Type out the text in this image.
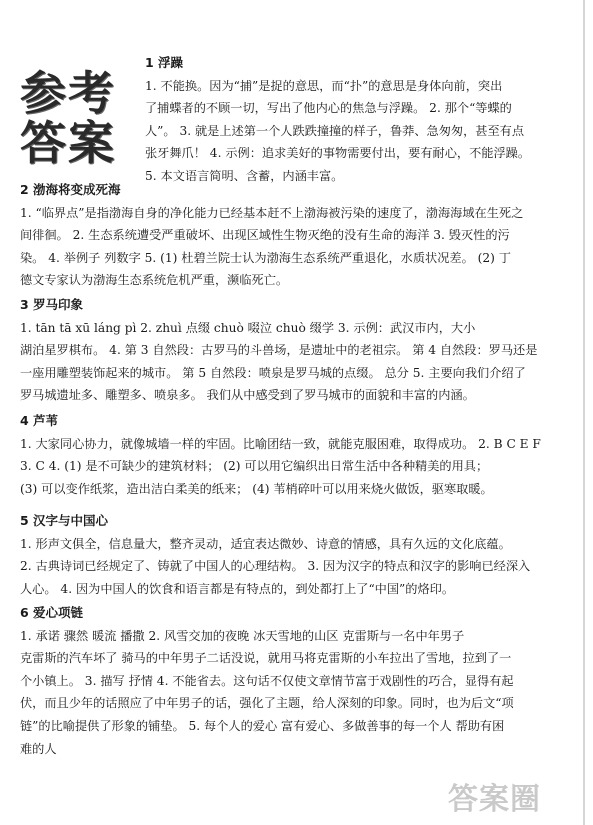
参考
答案
1 浮躁
1. 不能换。因为“捕”是捉的意思，而“扑”的意思是身体向前，突出
了捕蝶者的不顾一切，写出了他内心的焦急与浮躁。 2. 那个“等蝶的
人”。 3. 就是上述第一个人跌跌撞撞的样子，鲁莽、急匆匆，甚至有点
张牙舞爪！ 4. 示例：追求美好的事物需要付出，要有耐心，不能浮躁。
5. 本文语言简明、含蓄，内涵丰富。
2 渤海将变成死海
1. “临界点”是指渤海自身的净化能力已经基本赶不上渤海被污染的速度了，渤海海域在生死之
间徘徊。 2. 生态系统遭受严重破坏、出现区域性生物灭绝的没有生命的海洋 3. 毁灭性的污
染。 4. 举例子 列数字 5. (1) 杜碧兰院士认为渤海生态系统严重退化，水质状况差。 (2) 丁
德文专家认为渤海生态系统危机严重，濒临死亡。
3 罗马印象
1. tān tā xū láng pì 2. zhuì 点缀 chuò 啜泣 chuò 缀学 3. 示例：武汉市内，大小
湖泊星罗棋布。 4. 第 3 自然段：古罗马的斗兽场，是遗址中的老祖宗。 第 4 自然段：罗马还是
一座用雕塑装饰起来的城市。 第 5 自然段：喷泉是罗马城的点缀。 总分 5. 主要向我们介绍了
罗马城遗址多、雕塑多、喷泉多。 我们从中感受到了罗马城市的面貌和丰富的内涵。
4 芦苇
1. 大家同心协力，就像城墙一样的牢固。比喻团结一致，就能克服困难，取得成功。 2. B C E F
3. C 4. (1) 是不可缺少的建筑材料； (2) 可以用它编织出日常生活中各种精美的用具；
(3) 可以变作纸浆，造出洁白柔美的纸来； (4) 苇梢碎叶可以用来烧火做饭，驱寒取暖。
5 汉字与中国心
1. 形声文俱全，信息量大，整齐灵动，适宜表达微妙、诗意的情感，具有久远的文化底蕴。
2. 古典诗词已经规定了、铸就了中国人的心理结构。 3. 因为汉字的特点和汉字的影响已经深入
人心。 4. 因为中国人的饮食和语言都是有特点的，到处都打上了“中国”的烙印。
6 爱心项链
1. 承诺 骤然 暖流 播撒 2. 风雪交加的夜晚 冰天雪地的山区 克雷斯与一名中年男子
克雷斯的汽车坏了 骑马的中年男子二话没说，就用马将克雷斯的小车拉出了雪地，拉到了一
个小镇上。 3. 描写 抒情 4. 不能省去。这句话不仅使文章情节富于戏剧性的巧合，显得有起
伏，而且少年的话照应了中年男子的话，强化了主题，给人深刻的印象。同时，也为后文“项
链”的比喻提供了形象的铺垫。 5. 每个人的爱心 富有爱心、多做善事的每一个人 帮助有困
难的人
答案圈
